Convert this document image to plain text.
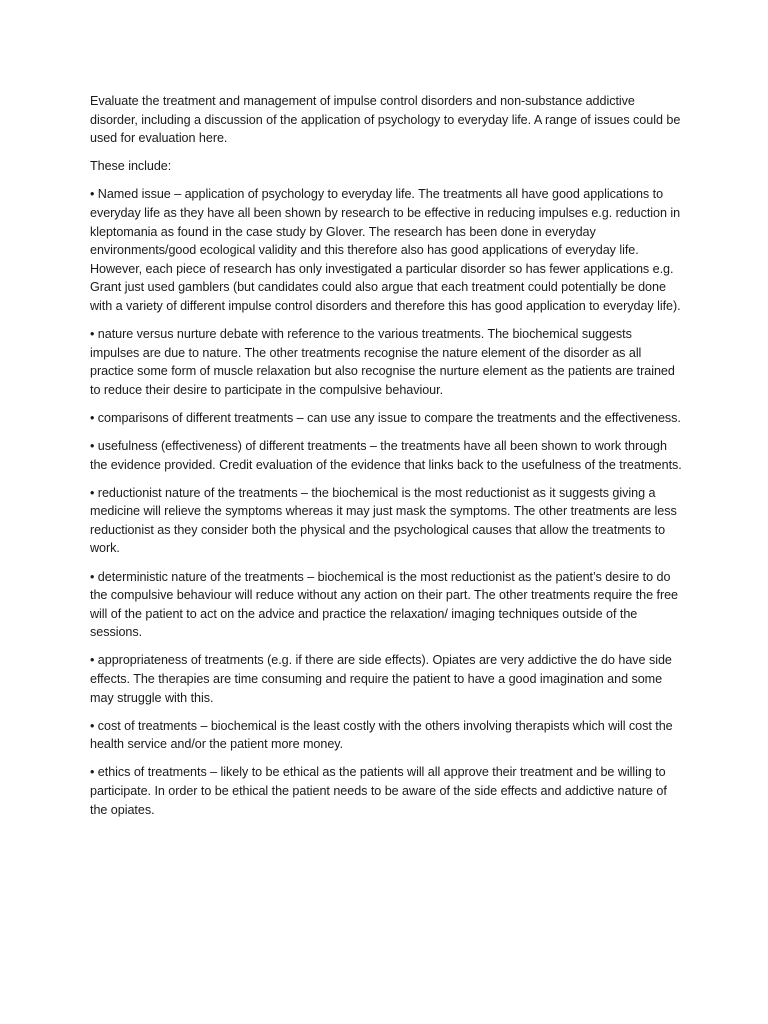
Evaluate the treatment and management of impulse control disorders and non-substance addictive disorder, including a discussion of the application of psychology to everyday life. A range of issues could be used for evaluation here.

These include:

• Named issue – application of psychology to everyday life. The treatments all have good applications to everyday life as they have all been shown by research to be effective in reducing impulses e.g. reduction in kleptomania as found in the case study by Glover. The research has been done in everyday environments/good ecological validity and this therefore also has good applications of everyday life. However, each piece of research has only investigated a particular disorder so has fewer applications e.g. Grant just used gamblers (but candidates could also argue that each treatment could potentially be done with a variety of different impulse control disorders and therefore this has good application to everyday life).

• nature versus nurture debate with reference to the various treatments. The biochemical suggests impulses are due to nature. The other treatments recognise the nature element of the disorder as all practice some form of muscle relaxation but also recognise the nurture element as the patients are trained to reduce their desire to participate in the compulsive behaviour.

• comparisons of different treatments – can use any issue to compare the treatments and the effectiveness.

• usefulness (effectiveness) of different treatments – the treatments have all been shown to work through the evidence provided. Credit evaluation of the evidence that links back to the usefulness of the treatments.

• reductionist nature of the treatments – the biochemical is the most reductionist as it suggests giving a medicine will relieve the symptoms whereas it may just mask the symptoms. The other treatments are less reductionist as they consider both the physical and the psychological causes that allow the treatments to work.

• deterministic nature of the treatments – biochemical is the most reductionist as the patient’s desire to do the compulsive behaviour will reduce without any action on their part. The other treatments require the free will of the patient to act on the advice and practice the relaxation/ imaging techniques outside of the sessions.

• appropriateness of treatments (e.g. if there are side effects). Opiates are very addictive the do have side effects. The therapies are time consuming and require the patient to have a good imagination and some may struggle with this.

• cost of treatments – biochemical is the least costly with the others involving therapists which will cost the health service and/or the patient more money.

• ethics of treatments – likely to be ethical as the patients will all approve their treatment and be willing to participate. In order to be ethical the patient needs to be aware of the side effects and addictive nature of the opiates.
